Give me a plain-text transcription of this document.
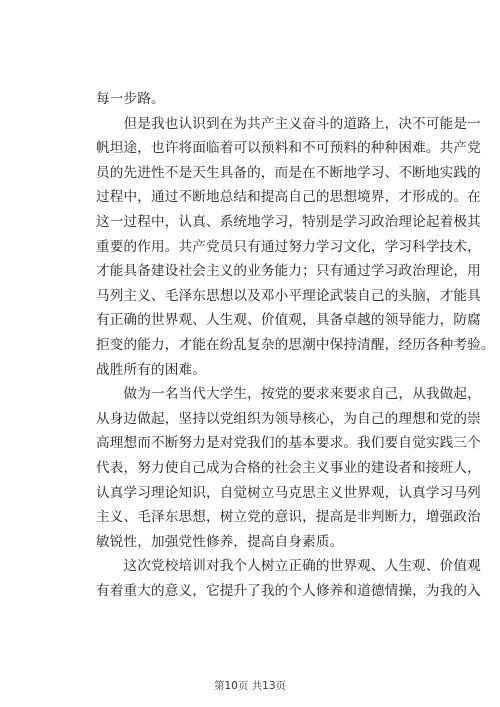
每一步路。
　　但是我也认识到在为共产主义奋斗的道路上，决不可能是一
帆坦途，也许将面临着可以预料和不可预料的种种困难。共产党
员的先进性不是天生具备的，而是在不断地学习、不断地实践的
过程中，通过不断地总结和提高自己的思想境界，才形成的。在
这一过程中，认真、系统地学习，特别是学习政治理论起着极其
重要的作用。共产党员只有通过努力学习文化，学习科学技术，
才能具备建设社会主义的业务能力；只有通过学习政治理论，用
马列主义、毛泽东思想以及邓小平理论武装自己的头脑，才能具
有正确的世界观、人生观、价值观，具备卓越的领导能力，防腐
拒变的能力，才能在纷乱复杂的思潮中保持清醒，经历各种考验。
战胜所有的困难。
　　做为一名当代大学生，按党的要求来要求自己，从我做起，
从身边做起，坚持以党组织为领导核心，为自己的理想和党的崇
高理想而不断努力是对党我们的基本要求。我们要自觉实践三个
代表，努力使自己成为合格的社会主义事业的建设者和接班人，
认真学习理论知识，自觉树立马克思主义世界观，认真学习马列
主义、毛泽东思想，树立党的意识，提高是非判断力，增强政治
敏锐性，加强党性修养，提高自身素质。
　　这次党校培训对我个人树立正确的世界观、人生观、价值观
有着重大的意义，它提升了我的个人修养和道德情操，为我的入
第10页 共13页
